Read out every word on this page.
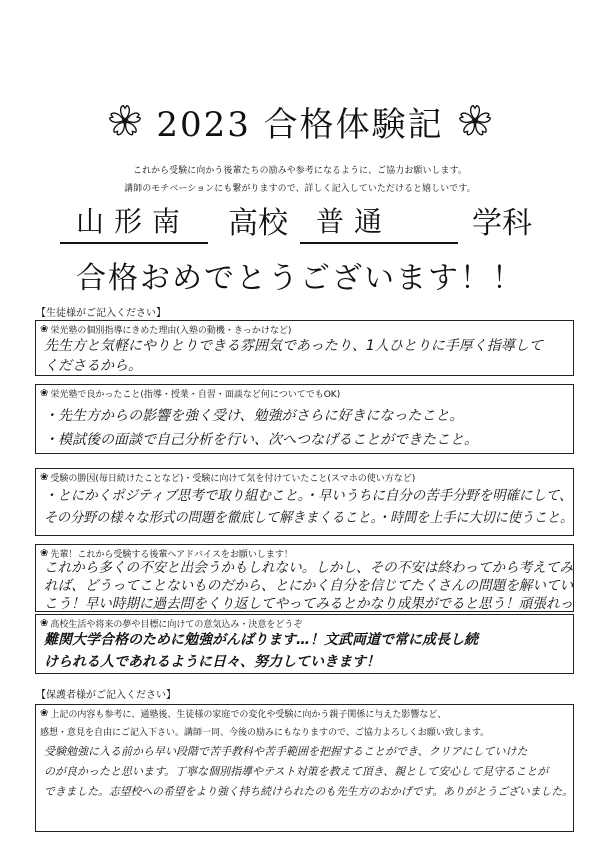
2023 合格体験記
これから受験に向かう後輩たちの励みや参考になるように、ご協力お願いします。
講師のモチベーションにも繋がりますので、詳しく記入していただけると嬉しいです。
山形南 高校 普通	学科
合格おめでとうございます！！
【生徒様がご記入ください】
❀ 栄光塾の個別指導にきめた理由(入塾の動機・きっかけなど)
先生方と気軽にやりとりできる雰囲気であったり、1人ひとりに手厚く指導して
くださるから。
❀ 栄光塾で良かったこと(指導・授業・自習・面談など何についてでもOK)
・先生方からの影響を強く受け、勉強がさらに好きになったこと。
・模試後の面談で自己分析を行い、次へつなげることができたこと。
❀ 受験の勝因(毎日続けたことなど)・受験に向けて気を付けていたこと(スマホの使い方など)
・とにかくポジティブ思考で取り組むこと。・早いうちに自分の苦手分野を明確にして、
その分野の様々な形式の問題を徹底して解きまくること。・時間を上手に大切に使うこと。
❀ 先輩！これから受験する後輩へアドバイスをお願いします！
これから多くの不安と出会うかもしれない。しかし、その不安は終わってから考えてみ
れば、どうってことないものだから、とにかく自分を信じてたくさんの問題を解いてい
こう！早い時期に過去問をくり返してやってみるとかなり成果がでると思う！頑張れっ
❀ 高校生活や将来の夢や目標に向けての意気込み・決意をどうぞ
難関大学合格のために勉強がんばります…！文武両道で常に成長し続
けられる人であれるように日々、努力していきます！
【保護者様がご記入ください】
❀ 上記の内容も参考に、通塾後、生徒様の家庭での変化や受験に向かう親子関係に与えた影響など、
感想・意見を自由にご記入下さい。講師一同、今後の励みにもなりますので、ご協力よろしくお願い致します。
受験勉強に入る前から早い段階で苦手教科や苦手範囲を把握することができ、クリアにしていけた
のが良かったと思います。丁寧な個別指導やテスト対策を教えて頂き、親として安心して見守ることが
できました。志望校への希望をより強く持ち続けられたのも先生方のおかげです。ありがとうございました。
